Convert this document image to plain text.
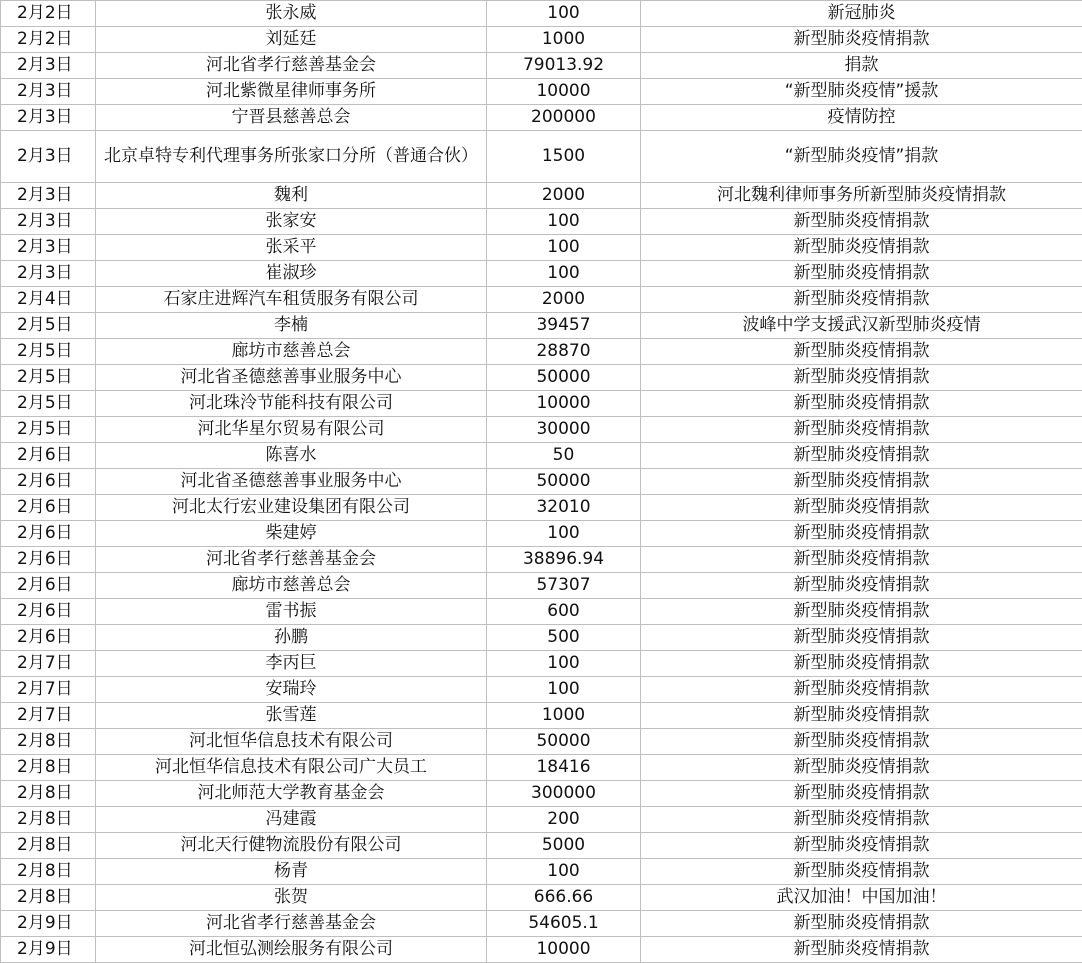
2月2日	张永威	100	新冠肺炎
2月2日	刘延廷	1000	新型肺炎疫情捐款
2月3日	河北省孝行慈善基金会	79013.92	捐款
2月3日	河北紫微星律师事务所	10000	“新型肺炎疫情”援款
2月3日	宁晋县慈善总会	200000	疫情防控
2月3日	北京卓特专利代理事务所张家口分所（普通合伙）	1500	“新型肺炎疫情”捐款
2月3日	魏利	2000	河北魏利律师事务所新型肺炎疫情捐款
2月3日	张家安	100	新型肺炎疫情捐款
2月3日	张采平	100	新型肺炎疫情捐款
2月3日	崔淑珍	100	新型肺炎疫情捐款
2月4日	石家庄进辉汽车租赁服务有限公司	2000	新型肺炎疫情捐款
2月5日	李楠	39457	波峰中学支援武汉新型肺炎疫情
2月5日	廊坊市慈善总会	28870	新型肺炎疫情捐款
2月5日	河北省圣德慈善事业服务中心	50000	新型肺炎疫情捐款
2月5日	河北珠泠节能科技有限公司	10000	新型肺炎疫情捐款
2月5日	河北华星尔贸易有限公司	30000	新型肺炎疫情捐款
2月6日	陈喜水	50	新型肺炎疫情捐款
2月6日	河北省圣德慈善事业服务中心	50000	新型肺炎疫情捐款
2月6日	河北太行宏业建设集团有限公司	32010	新型肺炎疫情捐款
2月6日	柴建婷	100	新型肺炎疫情捐款
2月6日	河北省孝行慈善基金会	38896.94	新型肺炎疫情捐款
2月6日	廊坊市慈善总会	57307	新型肺炎疫情捐款
2月6日	雷书振	600	新型肺炎疫情捐款
2月6日	孙鹏	500	新型肺炎疫情捐款
2月7日	李丙巨	100	新型肺炎疫情捐款
2月7日	安瑞玲	100	新型肺炎疫情捐款
2月7日	张雪莲	1000	新型肺炎疫情捐款
2月8日	河北恒华信息技术有限公司	50000	新型肺炎疫情捐款
2月8日	河北恒华信息技术有限公司广大员工	18416	新型肺炎疫情捐款
2月8日	河北师范大学教育基金会	300000	新型肺炎疫情捐款
2月8日	冯建霞	200	新型肺炎疫情捐款
2月8日	河北天行健物流股份有限公司	5000	新型肺炎疫情捐款
2月8日	杨青	100	新型肺炎疫情捐款
2月8日	张贺	666.66	武汉加油！中国加油！
2月9日	河北省孝行慈善基金会	54605.1	新型肺炎疫情捐款
2月9日	河北恒弘测绘服务有限公司	10000	新型肺炎疫情捐款
